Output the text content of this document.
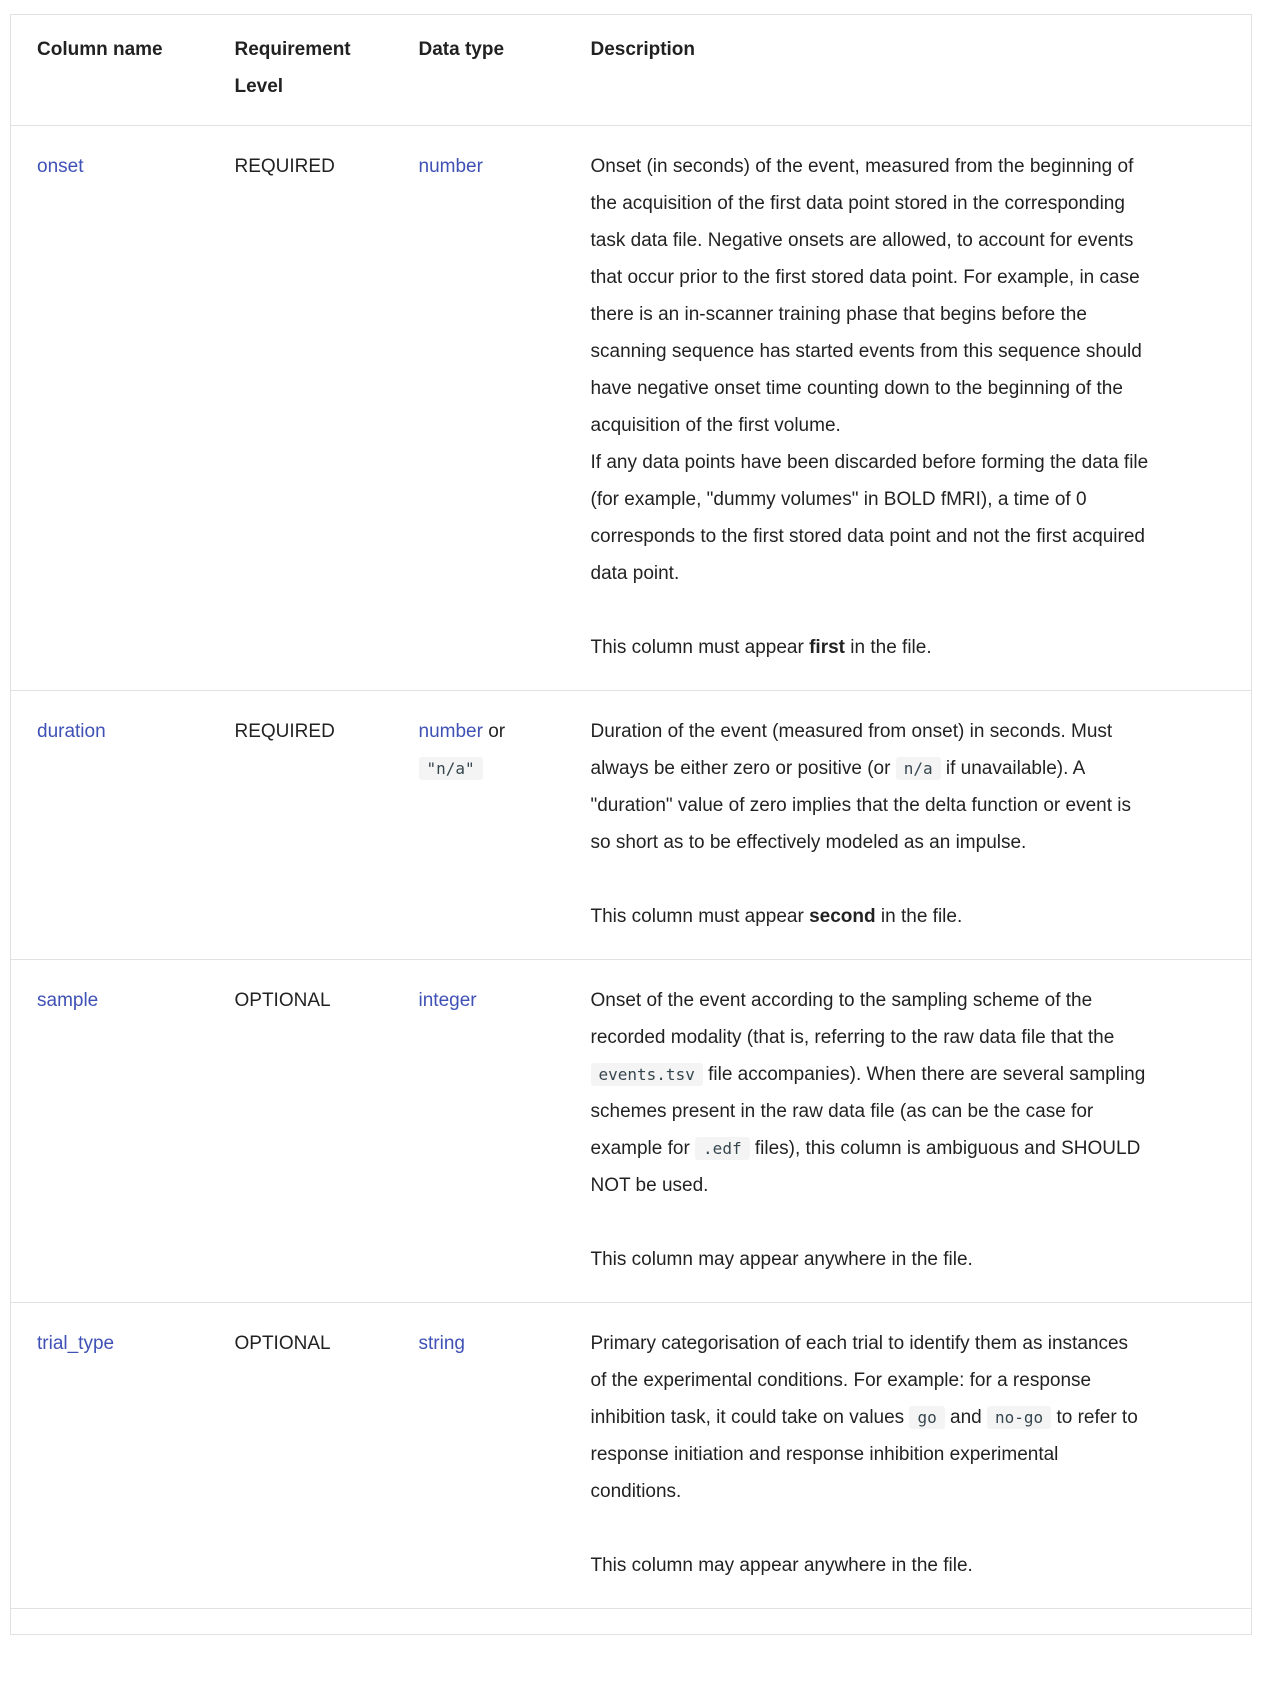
Column name	Requirement Level	Data type	Description
onset	REQUIRED	number	Onset (in seconds) of the event, measured from the beginning of the acquisition of the first data point stored in the corresponding task data file. Negative onsets are allowed, to account for events that occur prior to the first stored data point. For example, in case there is an in-scanner training phase that begins before the scanning sequence has started events from this sequence should have negative onset time counting down to the beginning of the acquisition of the first volume.
If any data points have been discarded before forming the data file (for example, "dummy volumes" in BOLD fMRI), a time of 0 corresponds to the first stored data point and not the first acquired data point.

This column must appear first in the file.

duration	REQUIRED	number or "n/a"	Duration of the event (measured from onset) in seconds. Must always be either zero or positive (or n/a if unavailable). A "duration" value of zero implies that the delta function or event is so short as to be effectively modeled as an impulse.

This column must appear second in the file.

sample	OPTIONAL	integer	Onset of the event according to the sampling scheme of the recorded modality (that is, referring to the raw data file that the events.tsv file accompanies). When there are several sampling schemes present in the raw data file (as can be the case for example for .edf files), this column is ambiguous and SHOULD NOT be used.

This column may appear anywhere in the file.

trial_type	OPTIONAL	string	Primary categorisation of each trial to identify them as instances of the experimental conditions. For example: for a response inhibition task, it could take on values go and no-go to refer to response initiation and response inhibition experimental conditions.

This column may appear anywhere in the file.
